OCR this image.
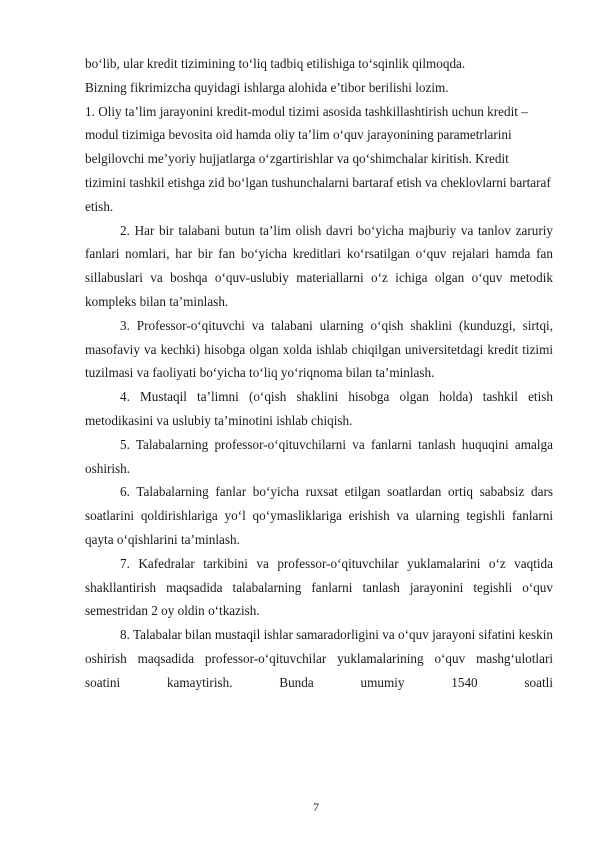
bo‘lib, ular kredit tizimining to‘liq tadbiq etilishiga to‘sqinlik qilmoqda.

Bizning fikrimizcha quyidagi ishlarga alohida e’tibor berilishi lozim.

1. Oliy ta’lim jarayonini kredit-modul tizimi asosida tashkillashtirish uchun kredit – modul tizimiga bevosita oid hamda oliy ta’lim o‘quv jarayonining parametrlarini belgilovchi me’yoriy hujjatlarga o‘zgartirishlar va qo‘shimchalar kiritish. Kredit tizimini tashkil etishga zid bo‘lgan tushunchalarni bartaraf etish va cheklovlarni bartaraf etish.

2. Har bir talabani butun ta’lim olish davri bo‘yicha majburiy va tanlov zaruriy fanlari nomlari, har bir fan bo‘yicha kreditlari ko‘rsatilgan o‘quv rejalari hamda fan sillabuslari va boshqa o‘quv-uslubiy materiallarni o‘z ichiga olgan o‘quv metodik kompleks bilan ta’minlash.

3. Professor-o‘qituvchi va talabani ularning o‘qish shaklini (kunduzgi, sirtqi, masofaviy va kechki) hisobga olgan xolda ishlab chiqilgan universitetdagi kredit tizimi tuzilmasi va faoliyati bo‘yicha to‘liq yo‘riqnoma bilan ta’minlash.

4. Mustaqil ta’limni (o‘qish shaklini hisobga olgan holda) tashkil etish metodikasini va uslubiy ta’minotini ishlab chiqish.

5. Talabalarning professor-o‘qituvchilarni va fanlarni tanlash huquqini amalga oshirish.

6. Talabalarning fanlar bo‘yicha ruxsat etilgan soatlardan ortiq sababsiz dars soatlarini qoldirishlariga yo‘l qo‘ymasliklariga erishish va ularning tegishli fanlarni qayta o‘qishlarini ta’minlash.

7. Kafedralar tarkibini va professor-o‘qituvchilar yuklamalarini o‘z vaqtida shakllantirish maqsadida talabalarning fanlarni tanlash jarayonini tegishli o‘quv semestridan 2 oy oldin o‘tkazish.

8. Talabalar bilan mustaqil ishlar samaradorligini va o‘quv jarayoni sifatini keskin oshirish maqsadida professor-o‘qituvchilar yuklamalarining o‘quv mashg‘ulotlari soatini kamaytirish. Bunda umumiy 1540 soatli

7
